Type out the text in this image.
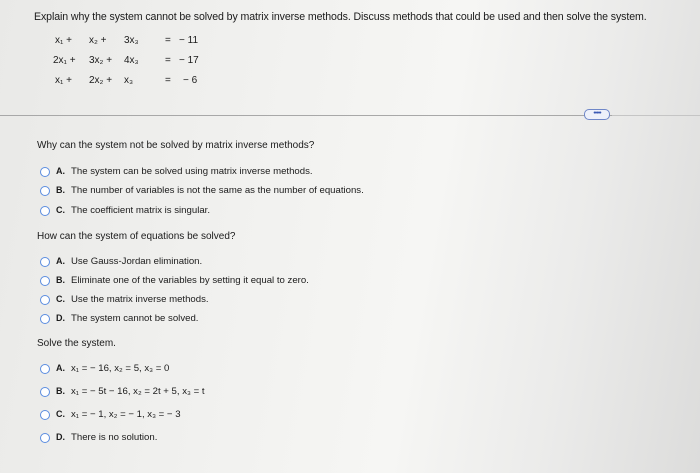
Explain why the system cannot be solved by matrix inverse methods. Discuss methods that could be used and then solve the system.
x₁ + x₂ + 3x₃	= − 11
2x₁ + 3x₂ + 4x₃	= − 17
x₁ + 2x₂ + x₃	= − 6
•••••
Why can the system not be solved by matrix inverse methods?
A. The system can be solved using matrix inverse methods.
B. The number of variables is not the same as the number of equations.
C. The coefficient matrix is singular.
How can the system of equations be solved?
A. Use Gauss-Jordan elimination.
B. Eliminate one of the variables by setting it equal to zero.
C. Use the matrix inverse methods.
D. The system cannot be solved.
Solve the system.
A. x₁ = − 16, x₂ = 5, x₃ = 0
B. x₁ = − 5t − 16, x₂ = 2t + 5, x₃ = t
C. x₁ = − 1, x₂ = − 1, x₃ = − 3
D. There is no solution.
